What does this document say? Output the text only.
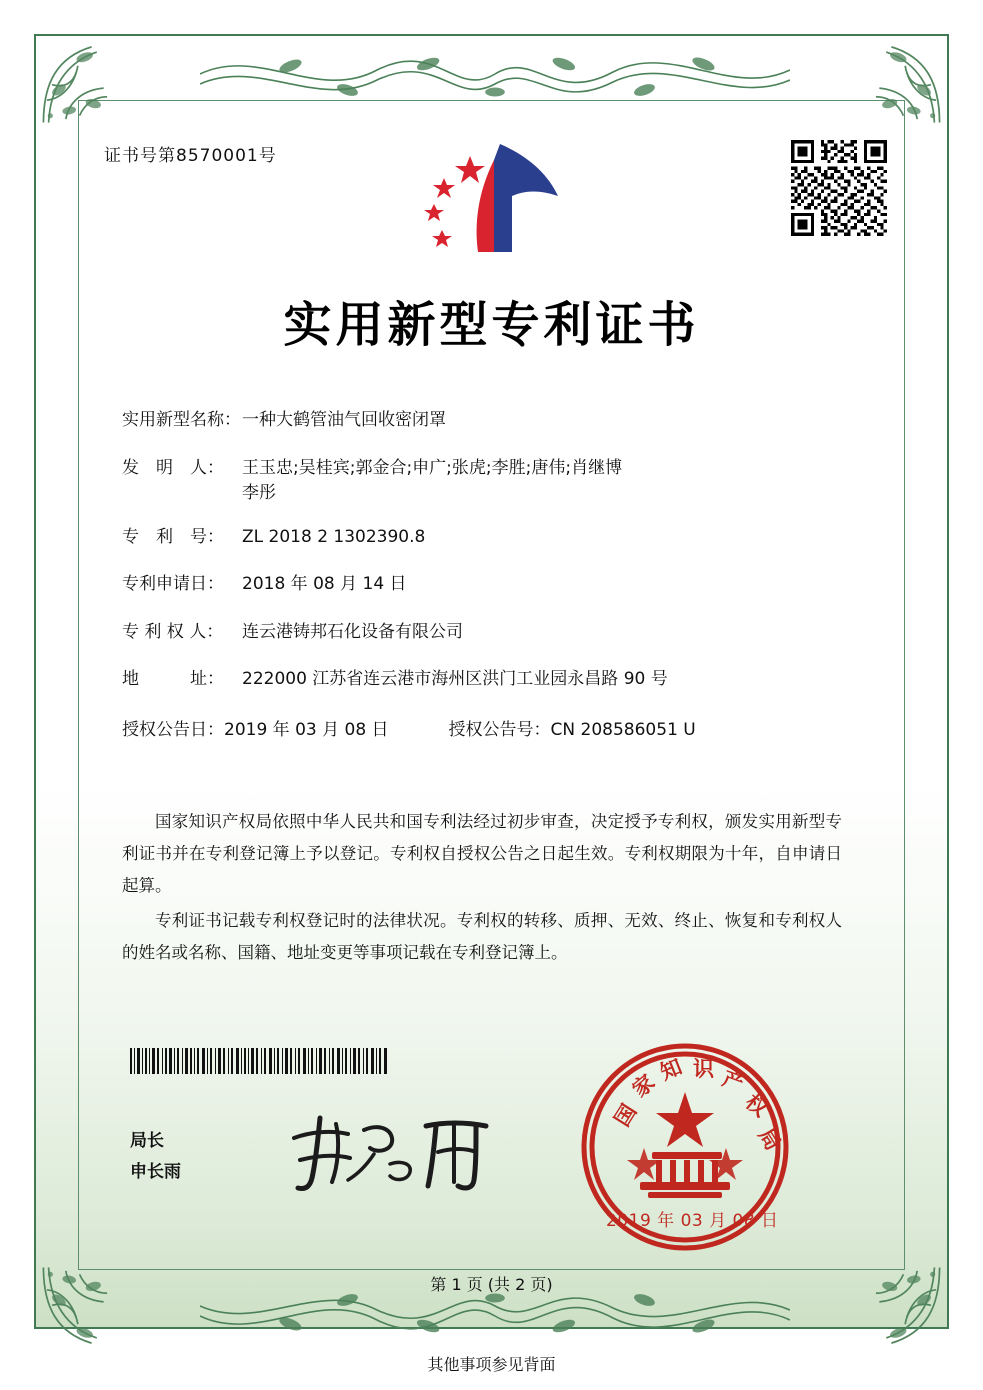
证书号第8570001号
实用新型专利证书
实用新型名称： 一种大鹤管油气回收密闭罩
发　明　人：	王玉忠;吴桂宾;郭金合;申广;张虎;李胜;唐伟;肖继博
李彤
专　利　号：	ZL 2018 2 1302390.8
专利申请日：	2018 年 08 月 14 日
专 利 权 人：	连云港铸邦石化设备有限公司
地　　　址：	222000 江苏省连云港市海州区洪门工业园永昌路 90 号
授权公告日：2019 年 03 月 08 日	授权公告号：CN 208586051 U

国家知识产权局依照中华人民共和国专利法经过初步审查，决定授予专利权，颁发实用新型专利证书并在专利登记簿上予以登记。专利权自授权公告之日起生效。专利权期限为十年，自申请日起算。

专利证书记载专利权登记时的法律状况。专利权的转移、质押、无效、终止、恢复和专利权人的姓名或名称、国籍、地址变更等事项记载在专利登记簿上。

局长
申长雨
国
家
知 识 产
权
局
2019 年 03 月 08 日
第 1 页 (共 2 页)
其他事项参见背面
